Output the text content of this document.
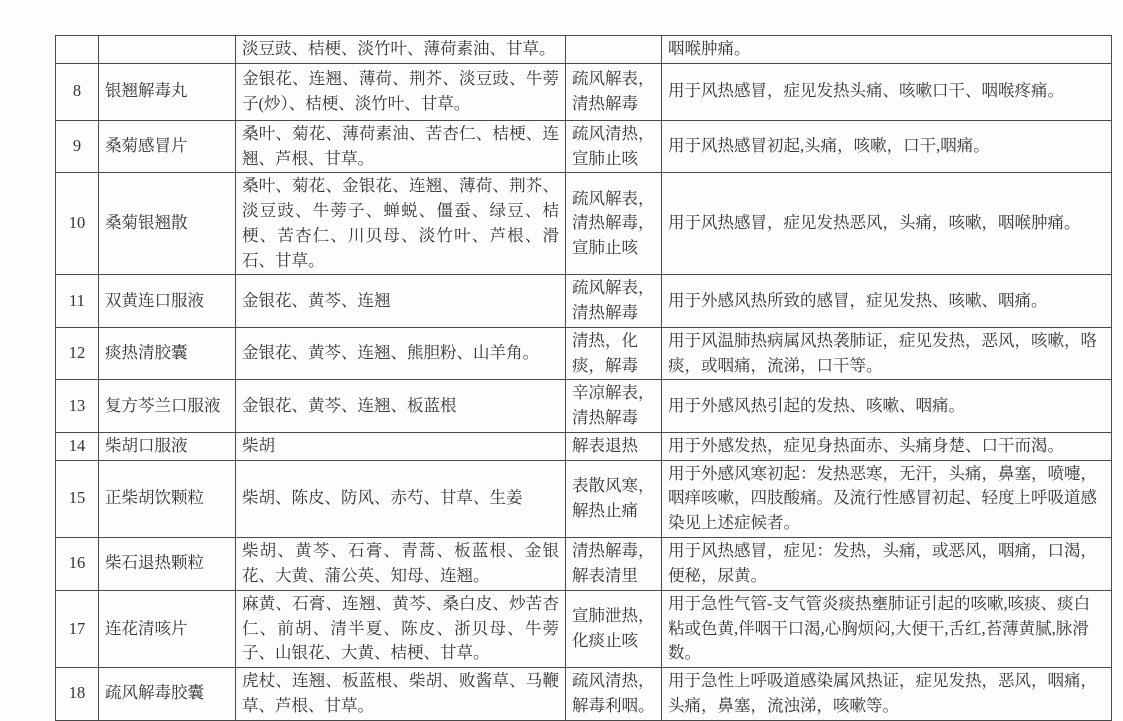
		淡豆豉、桔梗、淡竹叶、薄荷素油、甘草。		咽喉肿痛。
8	银翘解毒丸	金银花、连翘、薄荷、荆芥、淡豆豉、牛蒡子(炒）、桔梗、淡竹叶、甘草。	疏风解表，清热解毒	用于风热感冒，症见发热头痛、咳嗽口干、咽喉疼痛。
9	桑菊感冒片	桑叶、菊花、薄荷素油、苦杏仁、桔梗、连翘、芦根、甘草。	疏风清热，宣肺止咳	用于风热感冒初起,头痛，咳嗽，口干,咽痛。
10	桑菊银翘散	桑叶、菊花、金银花、连翘、薄荷、荆芥、淡豆豉、牛蒡子、蝉蜕、僵蚕、绿豆、桔梗、苦杏仁、川贝母、淡竹叶、芦根、滑石、甘草。	疏风解表，清热解毒，宣肺止咳	用于风热感冒，症见发热恶风，头痛，咳嗽，咽喉肿痛。
11	双黄连口服液	金银花、黄芩、连翘	疏风解表，清热解毒	用于外感风热所致的感冒，症见发热、咳嗽、咽痛。
12	痰热清胶囊	金银花、黄芩、连翘、熊胆粉、山羊角。	清热，化痰，解毒	用于风温肺热病属风热袭肺证，症见发热，恶风，咳嗽，咯痰，或咽痛，流涕，口干等。
13	复方芩兰口服液	金银花、黄芩、连翘、板蓝根	辛凉解表，清热解毒	用于外感风热引起的发热、咳嗽、咽痛。
14	柴胡口服液	柴胡	解表退热	用于外感发热，症见身热面赤、头痛身楚、口干而渴。
15	正柴胡饮颗粒	柴胡、陈皮、防风、赤芍、甘草、生姜	表散风寒，解热止痛	用于外感风寒初起：发热恶寒，无汗，头痛，鼻塞，喷嚏，咽痒咳嗽，四肢酸痛。及流行性感冒初起、轻度上呼吸道感染见上述症候者。
16	柴石退热颗粒	柴胡、黄芩、石膏、青蒿、板蓝根、金银花、大黄、蒲公英、知母、连翘。	清热解毒，解表清里	用于风热感冒，症见：发热，头痛，或恶风，咽痛，口渴，便秘，尿黄。
17	连花清咳片	麻黄、石膏、连翘、黄芩、桑白皮、炒苦杏仁、前胡、清半夏、陈皮、浙贝母、牛蒡子、山银花、大黄、桔梗、甘草。	宣肺泄热，化痰止咳	用于急性气管-支气管炎痰热壅肺证引起的咳嗽,咳痰、痰白粘或色黄,伴咽干口渴,心胸烦闷,大便干,舌红,苔薄黄腻,脉滑数。
18	疏风解毒胶囊	虎杖、连翘、板蓝根、柴胡、败酱草、马鞭草、芦根、甘草。	疏风清热，解毒利咽。	用于急性上呼吸道感染属风热证，症见发热，恶风，咽痛，头痛，鼻塞，流浊涕，咳嗽等。
